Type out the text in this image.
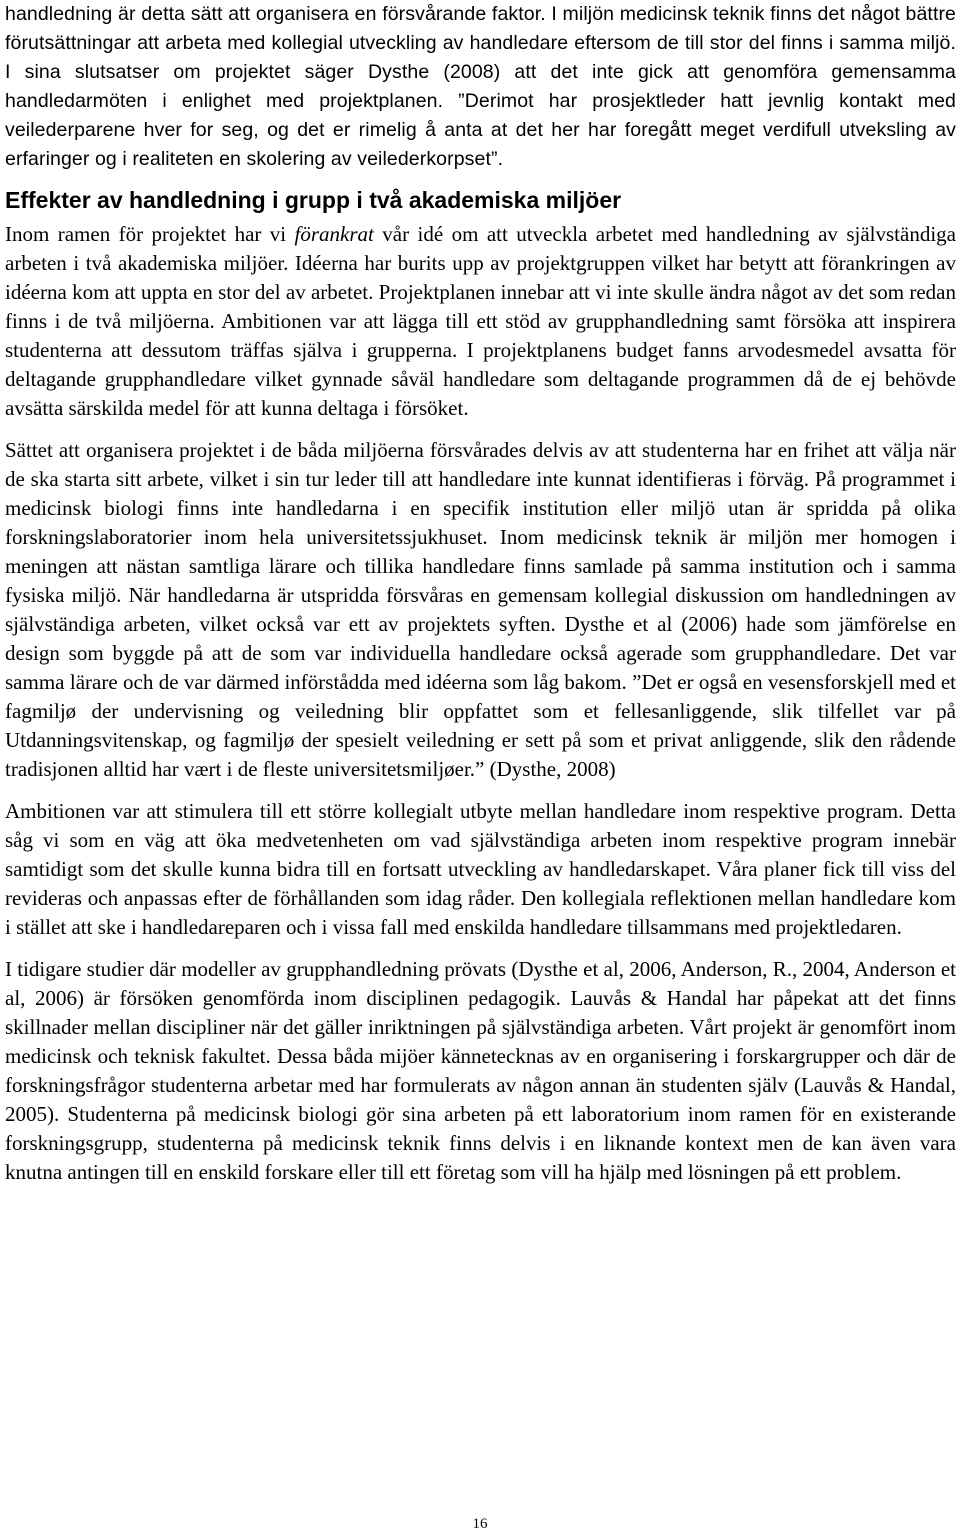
handledning är detta sätt att organisera en försvårande faktor. I miljön medicinsk teknik finns det något bättre förutsättningar att arbeta med kollegial utveckling av handledare eftersom de till stor del finns i samma miljö. I sina slutsatser om projektet säger Dysthe (2008) att det inte gick att genomföra gemensamma handledarmöten i enlighet med projektplanen. ”Derimot har prosjektleder hatt jevnlig kontakt med veilederparene hver for seg, og det er rimelig å anta at det her har foregått meget verdifull utveksling av erfaringer og i realiteten en skolering av veilederkorpset”.

Effekter av handledning i grupp i två akademiska miljöer

Inom ramen för projektet har vi förankrat vår idé om att utveckla arbetet med handledning av självständiga arbeten i två akademiska miljöer. Idéerna har burits upp av projektgruppen vilket har betytt att förankringen av idéerna kom att uppta en stor del av arbetet. Projektplanen innebar att vi inte skulle ändra något av det som redan finns i de två miljöerna. Ambitionen var att lägga till ett stöd av grupphandledning samt försöka att inspirera studenterna att dessutom träffas själva i grupperna. I projektplanens budget fanns arvodesmedel avsatta för deltagande grupphandledare vilket gynnade såväl handledare som deltagande programmen då de ej behövde avsätta särskilda medel för att kunna deltaga i försöket.

Sättet att organisera projektet i de båda miljöerna försvårades delvis av att studenterna har en frihet att välja när de ska starta sitt arbete, vilket i sin tur leder till att handledare inte kunnat identifieras i förväg. På programmet i medicinsk biologi finns inte handledarna i en specifik institution eller miljö utan är spridda på olika forskningslaboratorier inom hela universitetssjukhuset. Inom medicinsk teknik är miljön mer homogen i meningen att nästan samtliga lärare och tillika handledare finns samlade på samma institution och i samma fysiska miljö. När handledarna är utspridda försvåras en gemensam kollegial diskussion om handledningen av självständiga arbeten, vilket också var ett av projektets syften. Dysthe et al (2006) hade som jämförelse en design som byggde på att de som var individuella handledare också agerade som grupphandledare. Det var samma lärare och de var därmed införstådda med idéerna som låg bakom. ”Det er også en vesensforskjell med et fagmiljø der undervisning og veiledning blir oppfattet som et fellesanliggende, slik tilfellet var på Utdanningsvitenskap, og fagmiljø der spesielt veiledning er sett på som et privat anliggende, slik den rådende tradisjonen alltid har vært i de fleste universitetsmiljøer.” (Dysthe, 2008)

Ambitionen var att stimulera till ett större kollegialt utbyte mellan handledare inom respektive program. Detta såg vi som en väg att öka medvetenheten om vad självständiga arbeten inom respektive program innebär samtidigt som det skulle kunna bidra till en fortsatt utveckling av handledarskapet. Våra planer fick till viss del revideras och anpassas efter de förhållanden som idag råder. Den kollegiala reflektionen mellan handledare kom i stället att ske i handledareparen och i vissa fall med enskilda handledare tillsammans med projektledaren.

I tidigare studier där modeller av grupphandledning prövats (Dysthe et al, 2006, Anderson, R., 2004, Anderson et al, 2006) är försöken genomförda inom disciplinen pedagogik. Lauvås & Handal har påpekat att det finns skillnader mellan discipliner när det gäller inriktningen på självständiga arbeten. Vårt projekt är genomfört inom medicinsk och teknisk fakultet. Dessa båda mijöer kännetecknas av en organisering i forskargrupper och där de forskningsfrågor studenterna arbetar med har formulerats av någon annan än studenten själv (Lauvås & Handal, 2005). Studenterna på medicinsk biologi gör sina arbeten på ett laboratorium inom ramen för en existerande forskningsgrupp, studenterna på medicinsk teknik finns delvis i en liknande kontext men de kan även vara knutna antingen till en enskild forskare eller till ett företag som vill ha hjälp med lösningen på ett problem.

16
